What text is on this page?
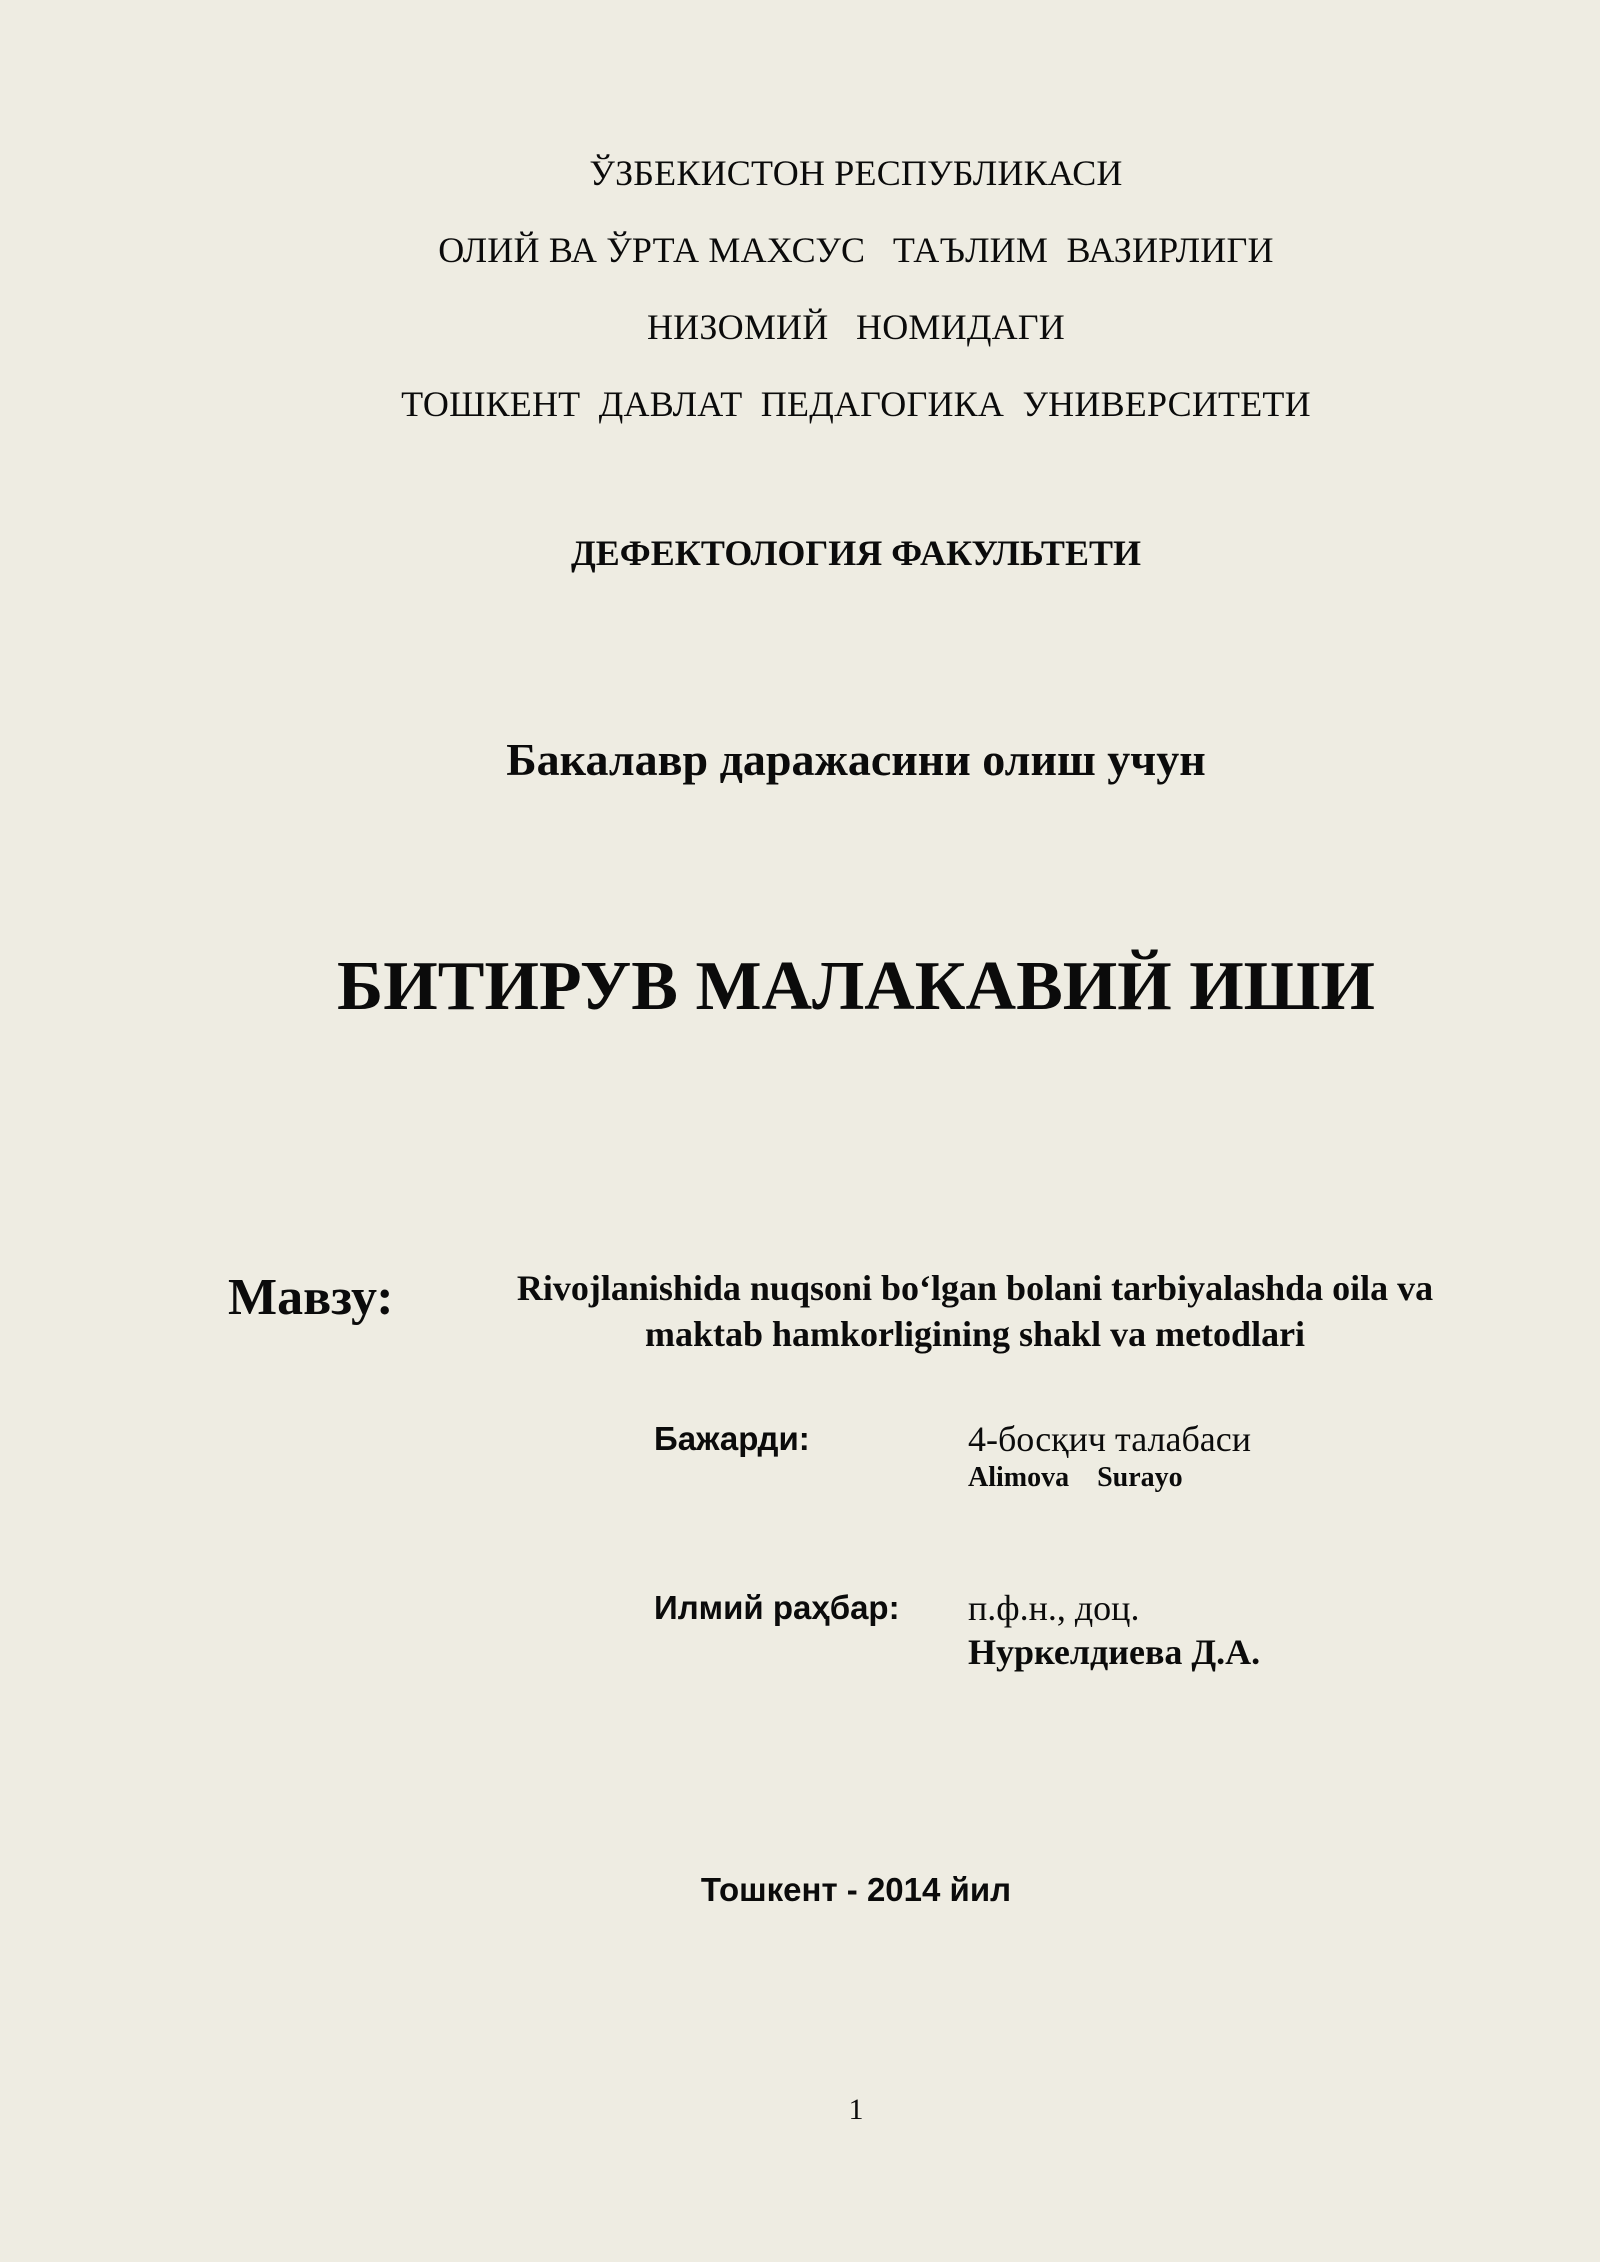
ЎЗБЕКИСТОН РЕСПУБЛИКАСИ
ОЛИЙ ВА ЎРТА МАХСУС   ТАЪЛИМ  ВАЗИРЛИГИ
НИЗОМИЙ   НОМИДАГИ
ТОШКЕНТ  ДАВЛАТ  ПЕДАГОГИКА  УНИВЕРСИТЕТИ
ДЕФЕКТОЛОГИЯ ФАКУЛЬТЕТИ
Бакалавр даражасини олиш учун
БИТИРУВ МАЛАКАВИЙ ИШИ
Мавзу:	Rivojlanishida nuqsoni boʻlgan bolani tarbiyalashda oila va
maktab hamkorligining shakl va metodlari
Бажарди:	4-босқич талабаси
Alimova    Surayo
Илмий раҳбар: п.ф.н., доц.
Нуркелдиева Д.А.
Тошкент - 2014 йил
1
